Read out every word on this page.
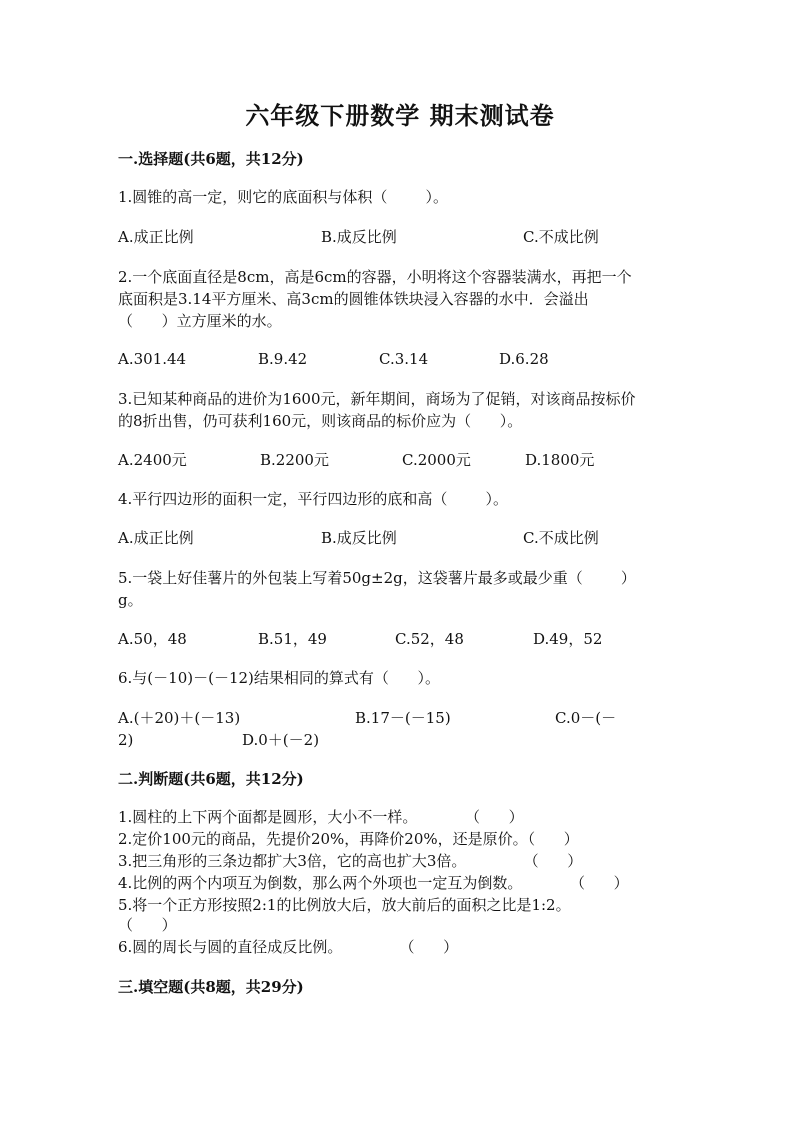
六年级下册数学 期末测试卷
一.选择题(共6题，共12分)
1.圆锥的高一定，则它的底面积与体积（        ）。
A.成正比例	B.成反比例	C.不成比例
2.一个底面直径是8cm，高是6cm的容器，小明将这个容器装满水，再把一个
底面积是3.14平方厘米、高3cm的圆锥体铁块浸入容器的水中．会溢出
（      ）立方厘米的水。
A.301.44	B.9.42	C.3.14	D.6.28
3.已知某种商品的进价为1600元，新年期间，商场为了促销，对该商品按标价
的8折出售，仍可获利160元，则该商品的标价应为（      ）。
A.2400元	B.2200元	C.2000元	D.1800元
4.平行四边形的面积一定，平行四边形的底和高（        ）。
A.成正比例	B.成反比例	C.不成比例
5.一袋上好佳薯片的外包装上写着50g±2g，这袋薯片最多或最少重（        ）
g。
A.50，48	B.51，49	C.52，48	D.49，52
6.与(－10)－(－12)结果相同的算式有（      ）。
A.(＋20)＋(－13)	B.17－(－15)	C.0－(－
2)	D.0＋(－2)
二.判断题(共6题，共12分)
1.圆柱的上下两个面都是圆形，大小不一样。          （      ）
2.定价100元的商品，先提价20%，再降价20%，还是原价。（      ）
3.把三角形的三条边都扩大3倍，它的高也扩大3倍。            （      ）
4.比例的两个内项互为倒数，那么两个外项也一定互为倒数。          （      ）
5.将一个正方形按照2:1的比例放大后，放大前后的面积之比是1:2。
（      ）
6.圆的周长与圆的直径成反比例。            （      ）
三.填空题(共8题，共29分)
